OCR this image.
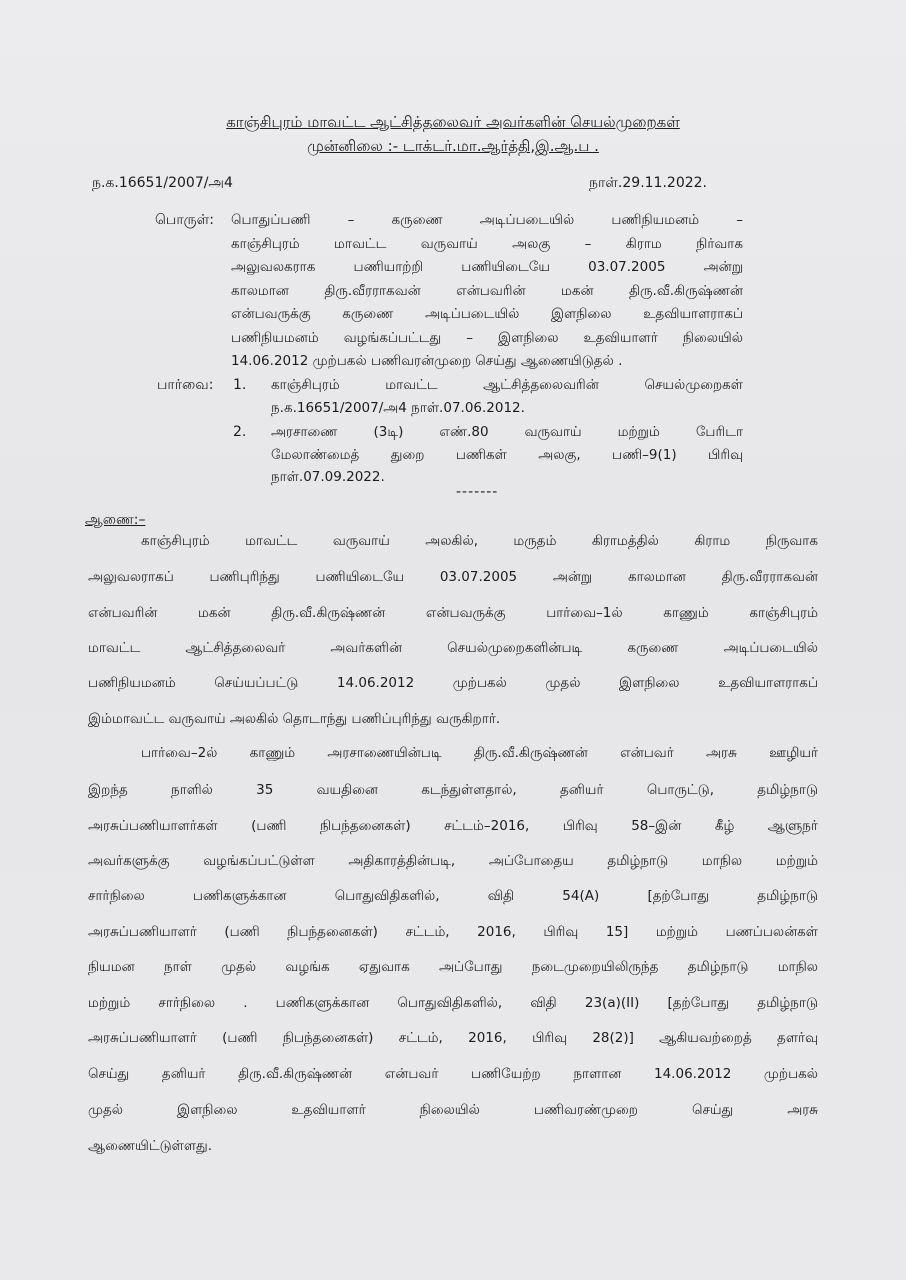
காஞ்சிபுரம் மாவட்ட ஆட்சித்தலைவர் அவர்களின் செயல்முறைகள்
முன்னிலை :- டாக்டர்.மா.ஆர்த்தி,இ.ஆ.ப .
ந.க.16651/2007/அ4	நாள்.29.11.2022.
பொருள்: பொதுப்பணி – கருணை அடிப்படையில் பணிநியமனம் –
காஞ்சிபுரம் மாவட்ட வருவாய் அலகு – கிராம நிர்வாக
அலுவலகராக பணியாற்றி பணியிடையே 03.07.2005 அன்று
காலமான திரு.வீரராகவன் என்பவரின் மகன் திரு.வீ.கிருஷ்ணன்
என்பவருக்கு கருணை அடிப்படையில் இளநிலை உதவியாளராகப்
பணிநியமனம் வழங்கப்பட்டது – இளநிலை உதவியாளர் நிலையில்
14.06.2012 முற்பகல் பணிவரன்முறை செய்து ஆணையிடுதல் .
பார்வை: 1. காஞ்சிபுரம் மாவட்ட ஆட்சித்தலைவரின் செயல்முறைகள்
ந.க.16651/2007/அ4 நாள்.07.06.2012.
2. அரசாணை (3டி) எண்.80 வருவாய் மற்றும் பேரிடா
மேலாண்மைத் துறை பணிகள் அலகு, பணி–9(1) பிரிவு
நாள்.07.09.2022.
-------
ஆணை:–
காஞ்சிபுரம் மாவட்ட வருவாய் அலகில், மருதம் கிராமத்தில் கிராம நிருவாக
அலுவலராகப் பணிபுரிந்து பணியிடையே 03.07.2005 அன்று காலமான திரு.வீரராகவன்
என்பவரின் மகன் திரு.வீ.கிருஷ்ணன் என்பவருக்கு பார்வை–1ல் காணும் காஞ்சிபுரம்
மாவட்ட ஆட்சித்தலைவர் அவர்களின் செயல்முறைகளின்படி கருணை அடிப்படையில்
பணிநியமனம் செய்யப்பட்டு 14.06.2012 முற்பகல் முதல் இளநிலை உதவியாளராகப்
இம்மாவட்ட வருவாய் அலகில் தொடாந்து பணிப்புரிந்து வருகிறார்.
பார்வை–2ல் காணும் அரசாணையின்படி திரு.வீ.கிருஷ்ணன் என்பவர் அரசு ஊழியர்
இறந்த நாளில் 35 வயதினை கடந்துள்ளதால், தனியர் பொருட்டு, தமிழ்நாடு
அரசுப்பணியாளர்கள் (பணி நிபந்தனைகள்) சட்டம்–2016, பிரிவு 58–இன் கீழ் ஆளுநர்
அவர்களுக்கு வழங்கப்பட்டுள்ள அதிகாரத்தின்படி, அப்போதைய தமிழ்நாடு மாநில மற்றும்
சார்நிலை பணிகளுக்கான பொதுவிதிகளில், விதி 54(A) [தற்போது தமிழ்நாடு
அரசுப்பணியாளர் (பணி நிபந்தனைகள்) சட்டம், 2016, பிரிவு 15] மற்றும் பணப்பலன்கள்
நியமன நாள் முதல் வழங்க ஏதுவாக அப்போது நடைமுறையிலிருந்த தமிழ்நாடு மாநில
மற்றும் சார்நிலை . பணிகளுக்கான பொதுவிதிகளில், விதி 23(a)(II) [தற்போது தமிழ்நாடு
அரசுப்பணியாளர் (பணி நிபந்தனைகள்) சட்டம், 2016, பிரிவு 28(2)] ஆகியவற்றைத் தளர்வு
செய்து தனியர் திரு.வீ.கிருஷ்ணன் என்பவர் பணியேற்ற நாளான 14.06.2012 முற்பகல்
முதல் இளநிலை உதவியாளர் நிலையில் பணிவரண்முறை செய்து அரசு
ஆணையிட்டுள்ளது.
